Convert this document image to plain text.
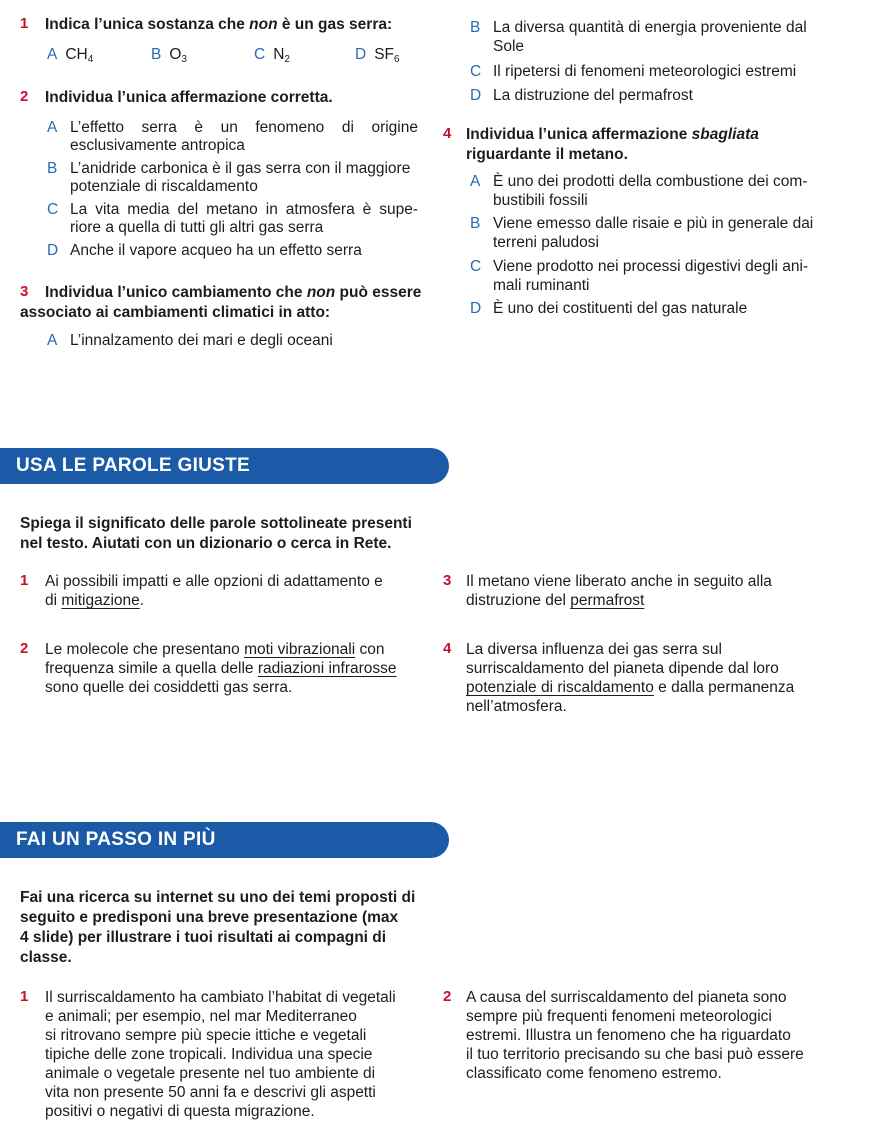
1 Indica l’unica sostanza che non è un gas serra:
A $CH_4$	B $O_3$	C $N_2$	D $SF_6$
2 Individua l’unica affermazione corretta.
A L’effetto serra è un fenomeno di origine
esclusivamente antropica
B L’anidride carbonica è il gas serra con il maggiore
potenziale di riscaldamento
C La vita media del metano in atmosfera è supe-
riore a quella di tutti gli altri gas serra
D Anche il vapore acqueo ha un effetto serra
3 Individua l’unico cambiamento che non può essere
associato ai cambiamenti climatici in atto:
A L’innalzamento dei mari e degli oceani
B La diversa quantità di energia proveniente dal
Sole
C Il ripetersi di fenomeni meteorologici estremi
D La distruzione del permafrost
4 Individua l’unica affermazione sbagliata
riguardante il metano.
A È uno dei prodotti della combustione dei com-
bustibili fossili
B Viene emesso dalle risaie e più in generale dai
terreni paludosi
C Viene prodotto nei processi digestivi degli ani-
mali ruminanti
D È uno dei costituenti del gas naturale
USA LE PAROLE GIUSTE
Spiega il significato delle parole sottolineate presenti
nel testo. Aiutati con un dizionario o cerca in Rete.
1 Ai possibili impatti e alle opzioni di adattamento e
di mitigazione.
3 Il metano viene liberato anche in seguito alla
distruzione del permafrost
2 Le molecole che presentano moti vibrazionali con
frequenza simile a quella delle radiazioni infrarosse
sono quelle dei cosiddetti gas serra.
4 La diversa influenza dei gas serra sul
surriscaldamento del pianeta dipende dal loro
potenziale di riscaldamento e dalla permanenza
nell’atmosfera.
FAI UN PASSO IN PIÙ
Fai una ricerca su internet su uno dei temi proposti di
seguito e predisponi una breve presentazione (max
4 slide) per illustrare i tuoi risultati ai compagni di
classe.
1 Il surriscaldamento ha cambiato l’habitat di vegetali
e animali; per esempio, nel mar Mediterraneo
si ritrovano sempre più specie ittiche e vegetali
tipiche delle zone tropicali. Individua una specie
animale o vegetale presente nel tuo ambiente di
vita non presente 50 anni fa e descrivi gli aspetti
positivi o negativi di questa migrazione.
2 A causa del surriscaldamento del pianeta sono
sempre più frequenti fenomeni meteorologici
estremi. Illustra un fenomeno che ha riguardato
il tuo territorio precisando su che basi può essere
classificato come fenomeno estremo.
